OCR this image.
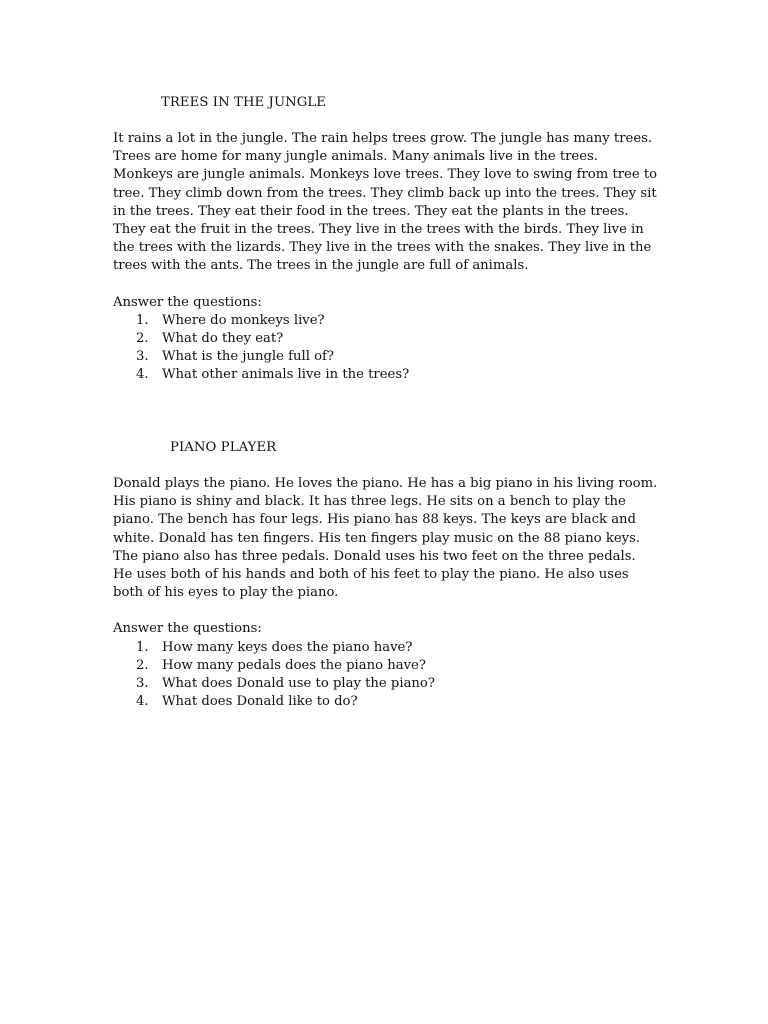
TREES IN THE JUNGLE

It rains a lot in the jungle. The rain helps trees grow. The jungle has many trees. Trees are home for many jungle animals. Many animals live in the trees. Monkeys are jungle animals. Monkeys love trees. They love to swing from tree to tree. They climb down from the trees. They climb back up into the trees. They sit in the trees. They eat their food in the trees. They eat the plants in the trees. They eat the fruit in the trees. They live in the trees with the birds. They live in the trees with the lizards. They live in the trees with the snakes. They live in the trees with the ants. The trees in the jungle are full of animals.

Answer the questions:

1. Where do monkeys live?
2. What do they eat?
3. What is the jungle full of?
4. What other animals live in the trees?
PIANO PLAYER

Donald plays the piano. He loves the piano. He has a big piano in his living room. His piano is shiny and black. It has three legs. He sits on a bench to play the piano. The bench has four legs. His piano has 88 keys. The keys are black and white. Donald has ten fingers. His ten fingers play music on the 88 piano keys. The piano also has three pedals. Donald uses his two feet on the three pedals. He uses both of his hands and both of his feet to play the piano. He also uses both of his eyes to play the piano.

Answer the questions:

1. How many keys does the piano have?
2. How many pedals does the piano have?
3. What does Donald use to play the piano?
4. What does Donald like to do?
